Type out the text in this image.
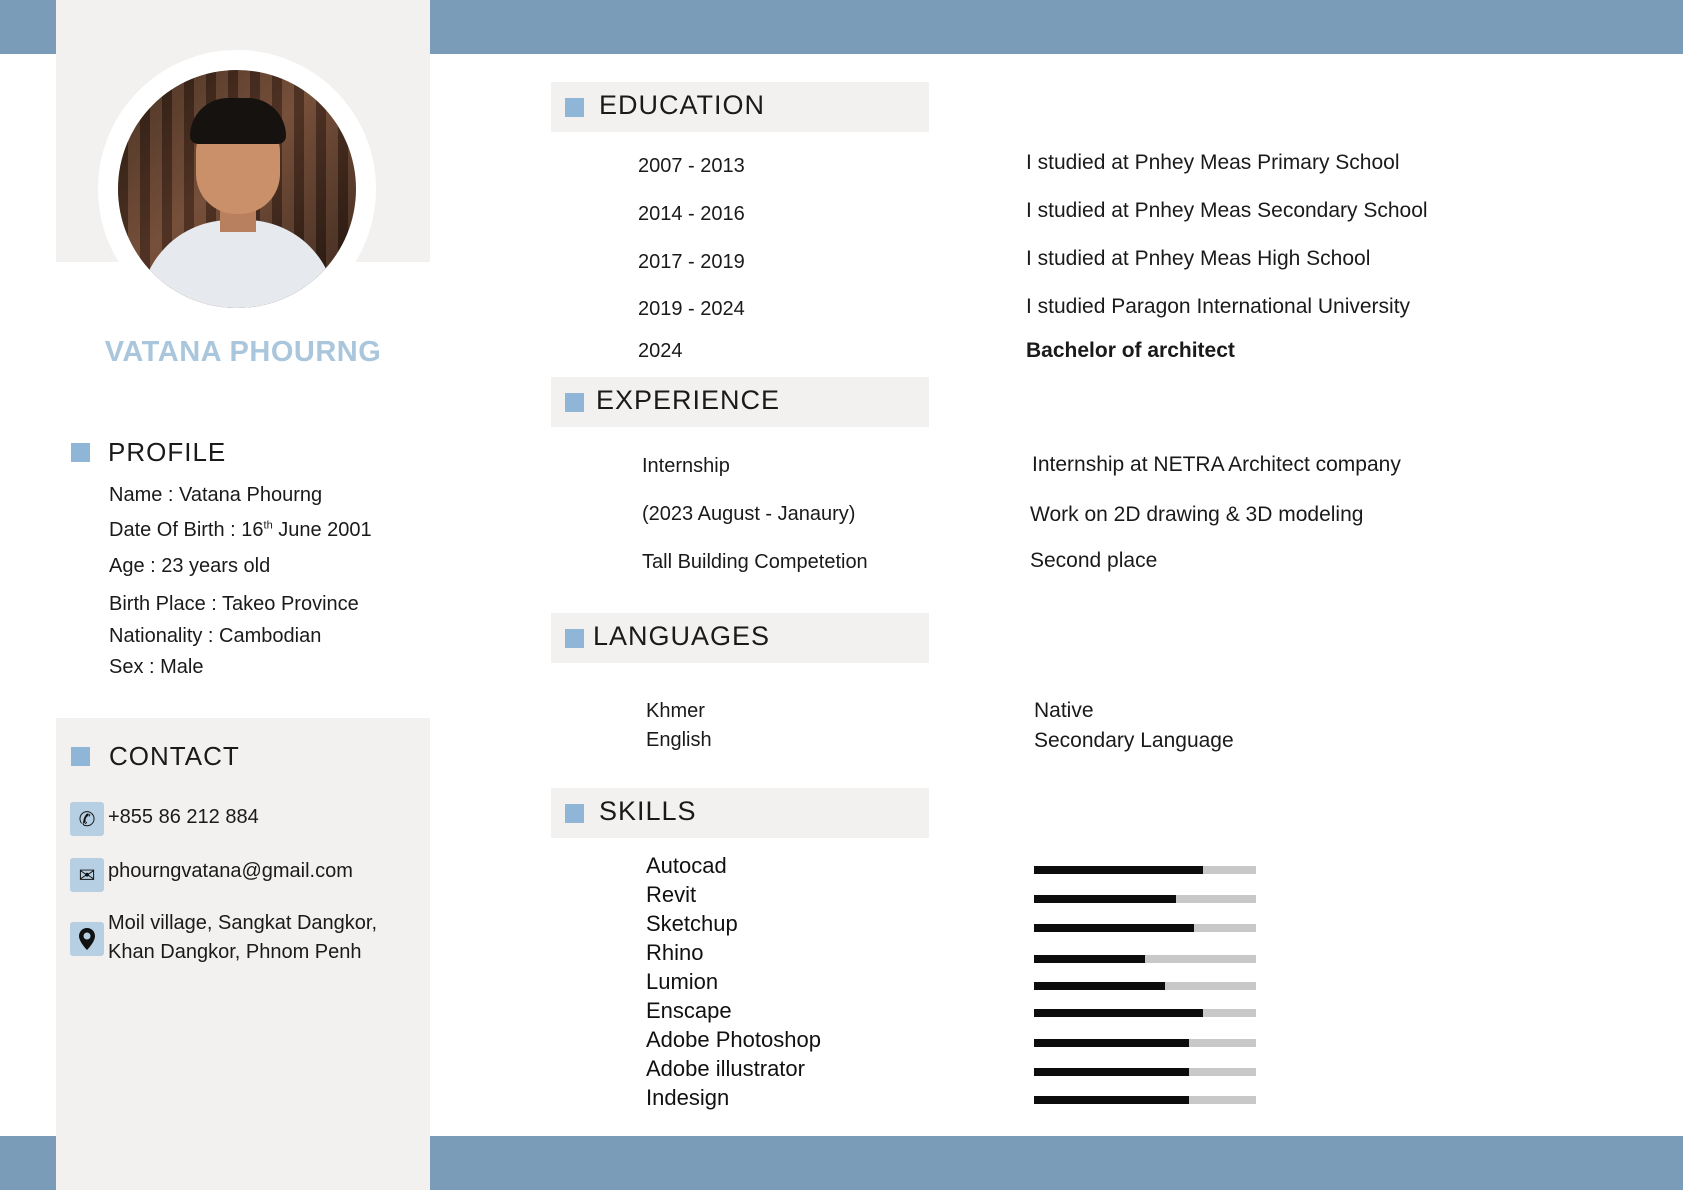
VATANA PHOURNG
PROFILE
Name : Vatana Phourng
Date Of Birth : 16th June 2001
Age : 23 years old
Birth Place : Takeo Province
Nationality : Cambodian
Sex : Male
CONTACT
✆ +855 86 212 884
✉ phourngvatana@gmail.com
Moil village, Sangkat Dangkor,
Khan Dangkor, Phnom Penh
EDUCATION
2007 - 2013	I studied at Pnhey Meas Primary School
2014 - 2016	I studied at Pnhey Meas Secondary School
2017 - 2019	I studied at Pnhey Meas High School
2019 - 2024	I studied Paragon International University
2024	Bachelor of architect
EXPERIENCE
Internship	Internship at NETRA Architect company
(2023 August - Janaury)	Work on 2D drawing & 3D modeling
Tall Building Competetion	Second place
LANGUAGES
Khmer	Native
English	Secondary Language
SKILLS
Autocad
Revit
Sketchup
Rhino
Lumion
Enscape
Adobe Photoshop
Adobe illustrator
Indesign
